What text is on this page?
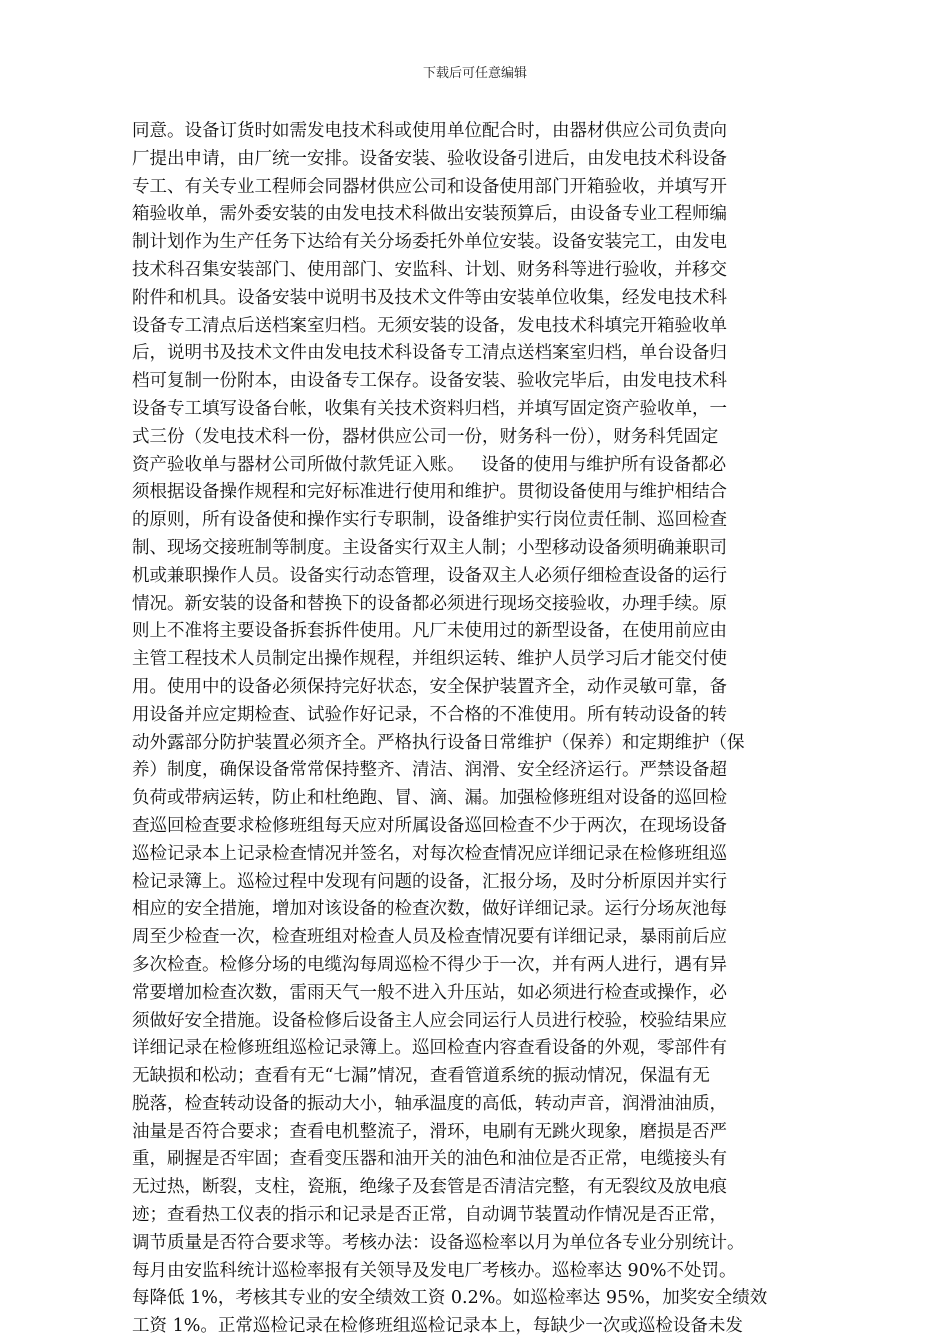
下载后可任意编辑
同意。设备订货时如需发电技术科或使用单位配合时，由器材供应公司负责向
厂提出申请，由厂统一安排。设备安装、验收设备引进后，由发电技术科设备
专工、有关专业工程师会同器材供应公司和设备使用部门开箱验收，并填写开
箱验收单，需外委安装的由发电技术科做出安装预算后，由设备专业工程师编
制计划作为生产任务下达给有关分场委托外单位安装。设备安装完工，由发电
技术科召集安装部门、使用部门、安监科、计划、财务科等进行验收，并移交
附件和机具。设备安装中说明书及技术文件等由安装单位收集，经发电技术科
设备专工清点后送档案室归档。无须安装的设备，发电技术科填完开箱验收单
后，说明书及技术文件由发电技术科设备专工清点送档案室归档，单台设备归
档可复制一份附本，由设备专工保存。设备安装、验收完毕后，由发电技术科
设备专工填写设备台帐，收集有关技术资料归档，并填写固定资产验收单，一
式三份（发电技术科一份，器材供应公司一份，财务科一份），财务科凭固定
资产验收单与器材公司所做付款凭证入账。   设备的使用与维护所有设备都必
须根据设备操作规程和完好标准进行使用和维护。贯彻设备使用与维护相结合
的原则，所有设备使和操作实行专职制，设备维护实行岗位责任制、巡回检查
制、现场交接班制等制度。主设备实行双主人制；小型移动设备须明确兼职司
机或兼职操作人员。设备实行动态管理，设备双主人必须仔细检查设备的运行
情况。新安装的设备和替换下的设备都必须进行现场交接验收，办理手续。原
则上不准将主要设备拆套拆件使用。凡厂未使用过的新型设备，在使用前应由
主管工程技术人员制定出操作规程，并组织运转、维护人员学习后才能交付使
用。使用中的设备必须保持完好状态，安全保护装置齐全，动作灵敏可靠，备
用设备并应定期检查、试验作好记录，不合格的不准使用。所有转动设备的转
动外露部分防护装置必须齐全。严格执行设备日常维护（保养）和定期维护（保
养）制度，确保设备常常保持整齐、清洁、润滑、安全经济运行。严禁设备超
负荷或带病运转，防止和杜绝跑、冒、滴、漏。加强检修班组对设备的巡回检
查巡回检查要求检修班组每天应对所属设备巡回检查不少于两次，在现场设备
巡检记录本上记录检查情况并签名，对每次检查情况应详细记录在检修班组巡
检记录簿上。巡检过程中发现有问题的设备，汇报分场，及时分析原因并实行
相应的安全措施，增加对该设备的检查次数，做好详细记录。运行分场灰池每
周至少检查一次，检查班组对检查人员及检查情况要有详细记录，暴雨前后应
多次检查。检修分场的电缆沟每周巡检不得少于一次，并有两人进行，遇有异
常要增加检查次数，雷雨天气一般不进入升压站，如必须进行检查或操作，必
须做好安全措施。设备检修后设备主人应会同运行人员进行校验，校验结果应
详细记录在检修班组巡检记录簿上。巡回检查内容查看设备的外观，零部件有
无缺损和松动；查看有无“七漏”情况，查看管道系统的振动情况，保温有无
脱落，检查转动设备的振动大小，轴承温度的高低，转动声音，润滑油油质，
油量是否符合要求；查看电机整流子，滑环，电刷有无跳火现象，磨损是否严
重，刷握是否牢固；查看变压器和油开关的油色和油位是否正常，电缆接头有
无过热，断裂，支柱，瓷瓶，绝缘子及套管是否清洁完整，有无裂纹及放电痕
迹；查看热工仪表的指示和记录是否正常，自动调节装置动作情况是否正常，
调节质量是否符合要求等。考核办法：设备巡检率以月为单位各专业分别统计。
每月由安监科统计巡检率报有关领导及发电厂考核办。巡检率达 90%不处罚。
每降低 1%，考核其专业的安全绩效工资 0.2%。如巡检率达 95%，加奖安全绩效
工资 1%。正常巡检记录在检修班组巡检记录本上，每缺少一次或巡检设备未发
